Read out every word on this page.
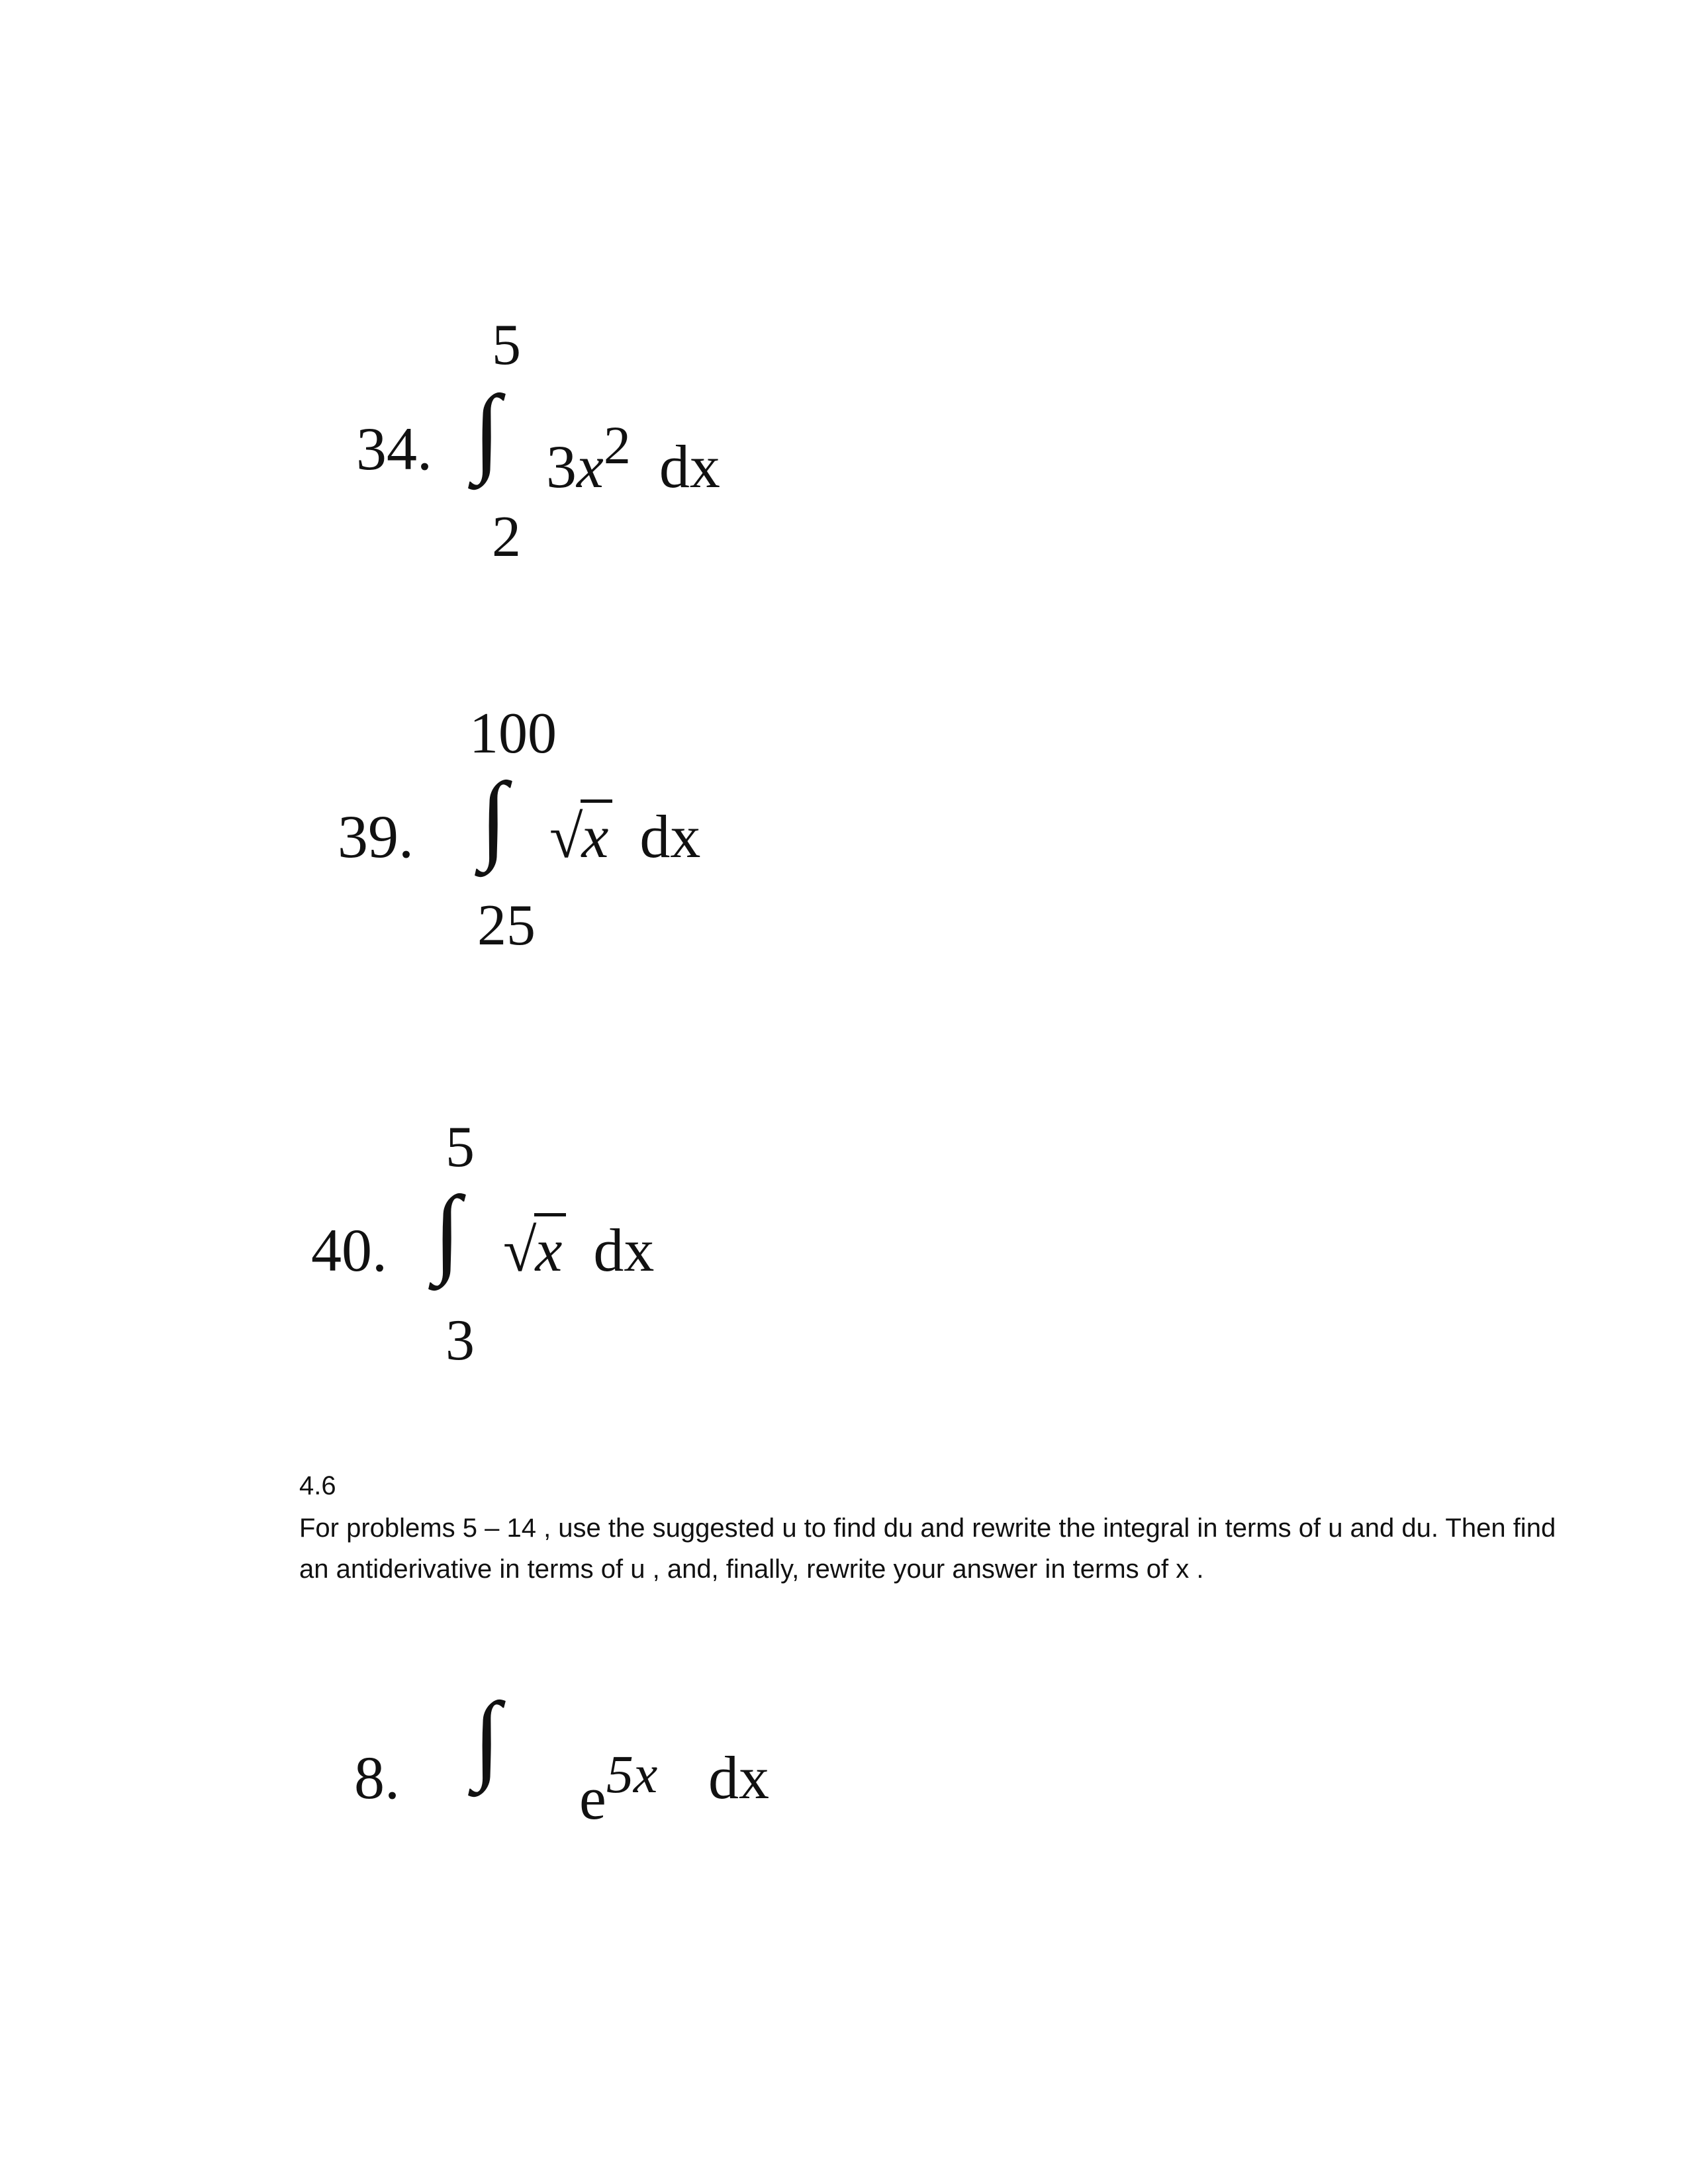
5
34. ∫ $3x^2$ dx
2
100
39. ∫ √x dx
25
5
40. ∫ √x dx
3
4.6
For problems 5 – 14 , use the suggested u to find du and rewrite the integral in terms of u and du. Then find an antiderivative in terms of u , and, finally, rewrite your answer in terms of x .
8. ∫
$e^{5x}$ dx
